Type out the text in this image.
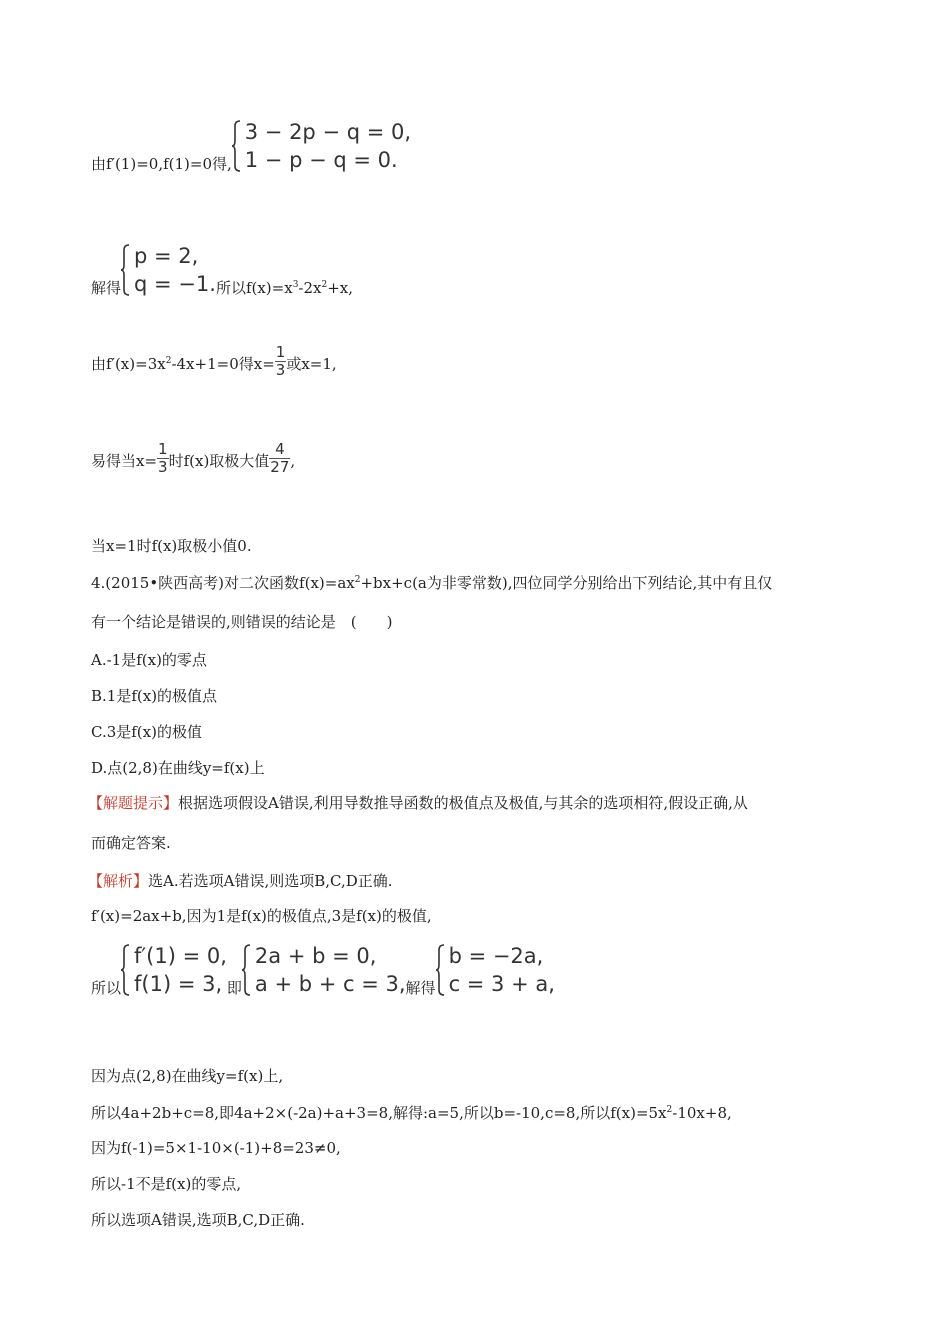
由f′(1)=0,f(1)=0得,
3 − 2p − q = 0,
1 − p − q = 0.
解得
p = 2,
q = −1. 所以$f(x)=x^3-2x^2+x$,
由$f'(x)=3x^2-4x+1=0$得$x= \frac{1}{3}$ 或x=1,
易得当$x= \frac{1}{3}$ 时f(x)取极大值 $\frac{4}{27}$ ,
当x=1时f(x)取极小值0.
4.(2015•陕西高考)对二次函数$f(x)=ax^2+bx+c(a$为非零常数),四位同学分别给出下列结论,其中有且仅
有一个结论是错误的,则错误的结论是　(　　)
A.-1是f(x)的零点
B.1是f(x)的极值点
C.3是f(x)的极值
D.点(2,8)在曲线y=f(x)上
【解题提示】根据选项假设A错误,利用导数推导函数的极值点及极值,与其余的选项相符,假设正确,从
而确定答案.
【解析】选A.若选项A错误,则选项B,C,D正确.
f′(x)=2ax+b,因为1是f(x)的极值点,3是f(x)的极值,
所以
f′(1) = 0,
f(1) = 3, 即
2a + b = 0,
a + b + c = 3, 解得
b = −2a,
c = 3 + a,
因为点(2,8)在曲线y=f(x)上,
所以4a+2b+c=8,即4a+2×(-2a)+a+3=8,解得:a=5,所以b=-10,c=8,所以$f(x)=5x^2-10x+8$,
因为f(-1)=5×1-10×(-1)+8=23≠0,
所以-1不是f(x)的零点,
所以选项A错误,选项B,C,D正确.
